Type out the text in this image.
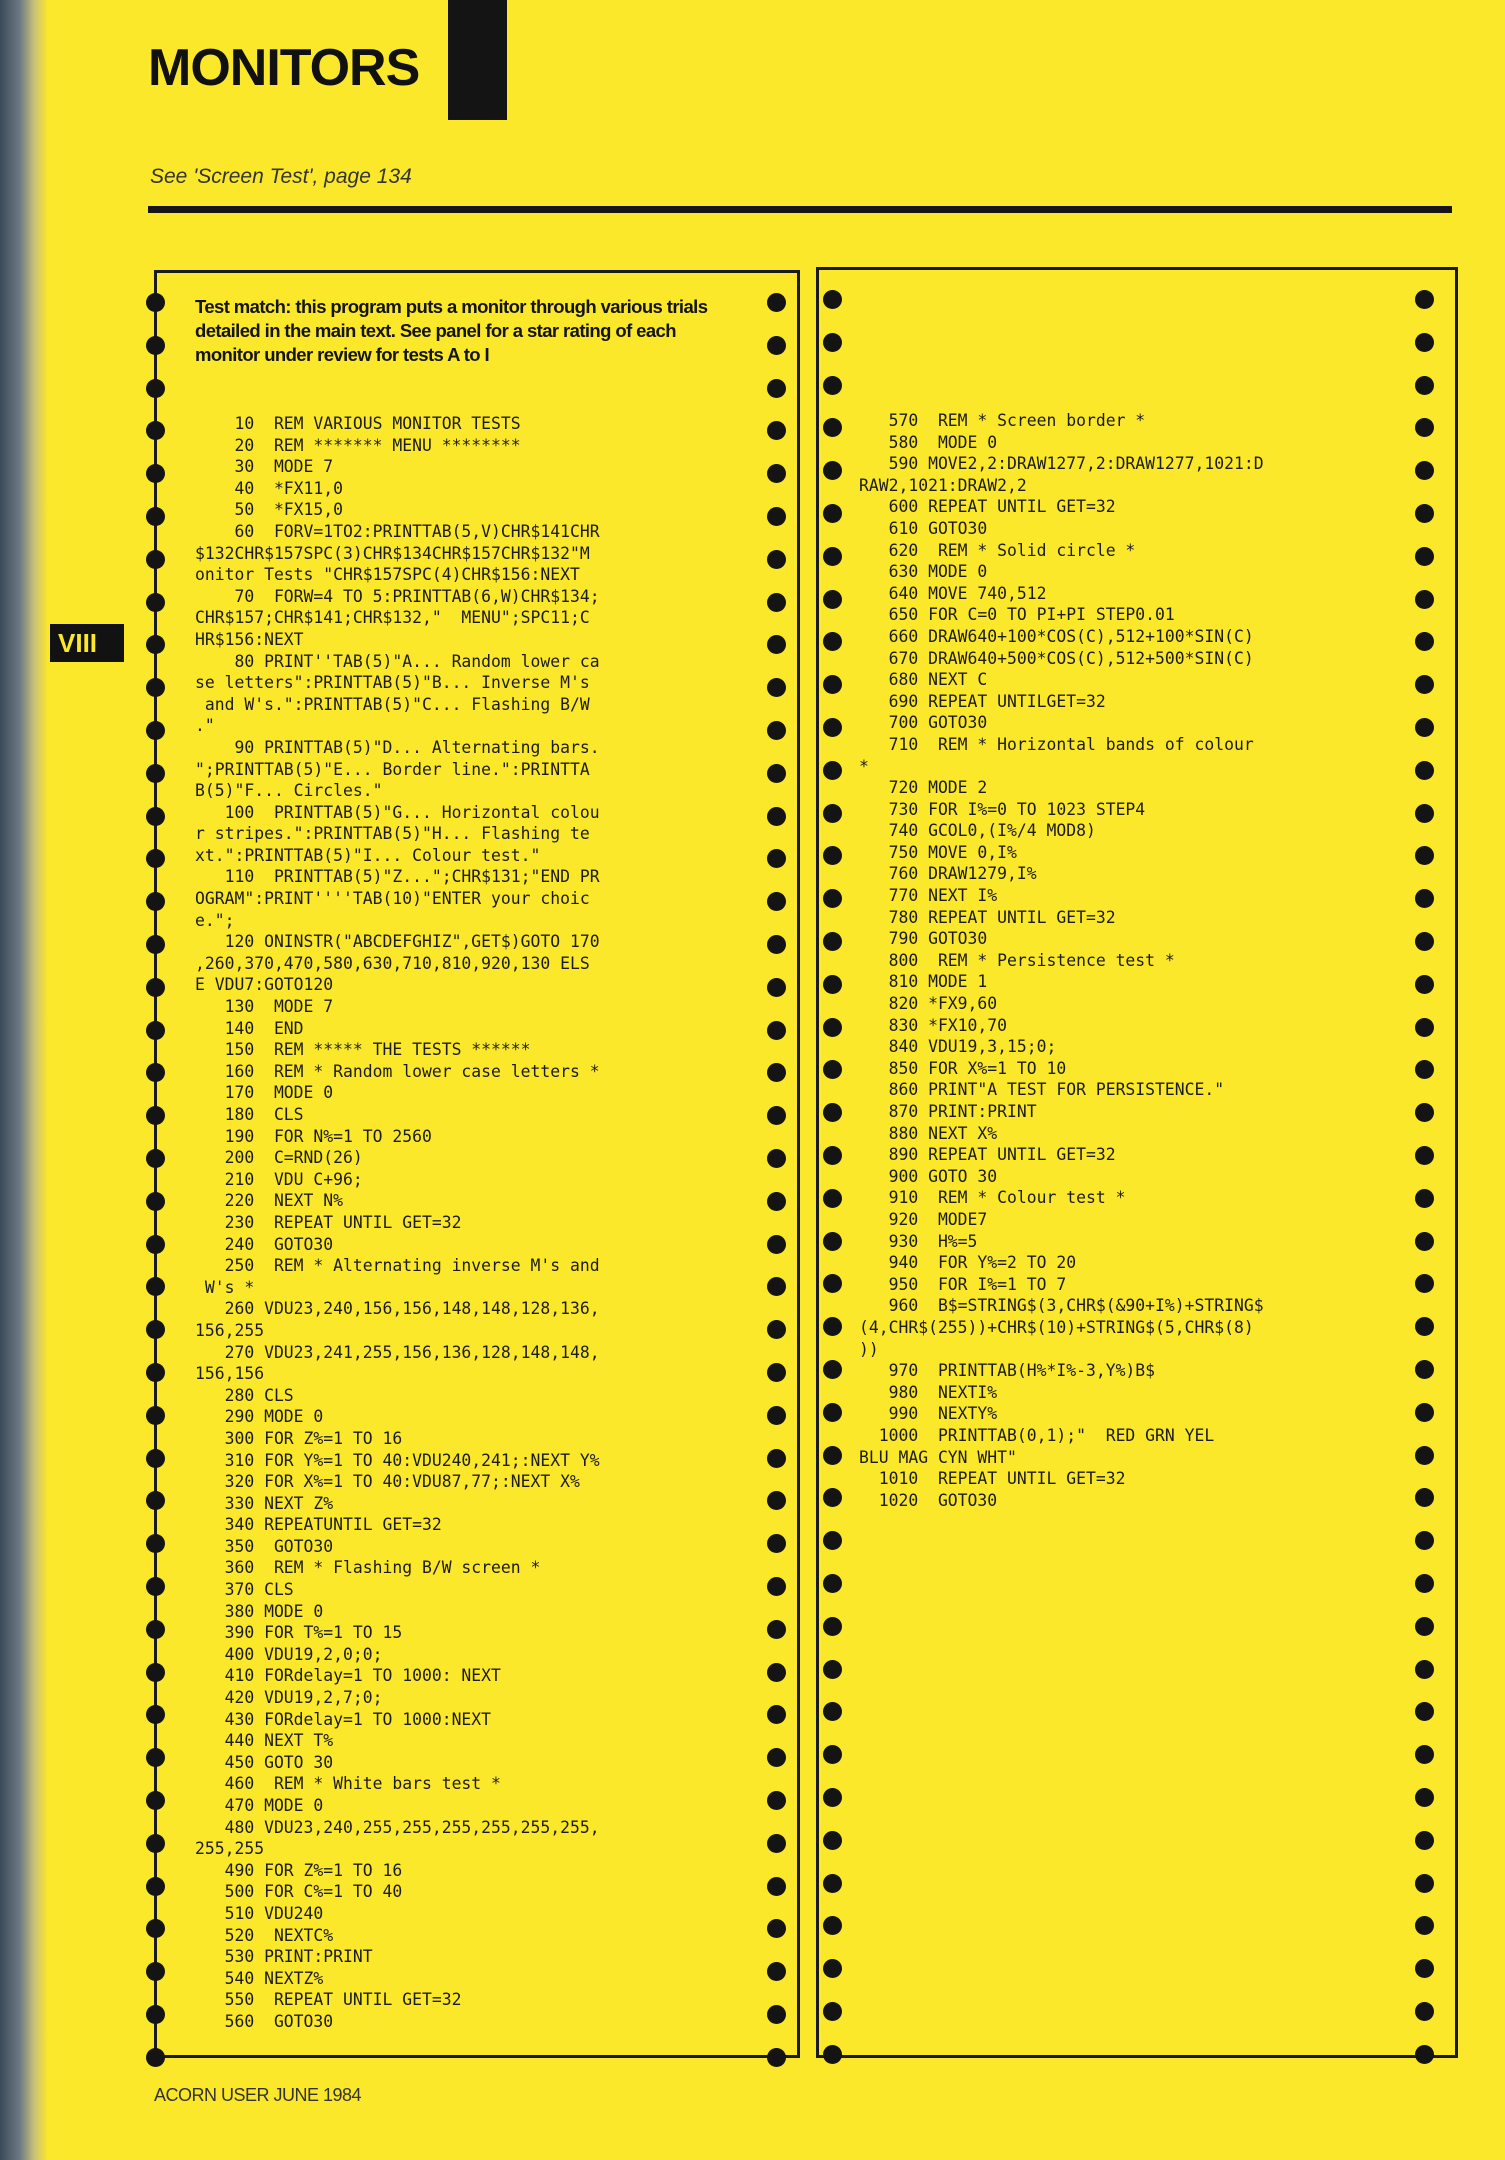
MONITORS
See 'Screen Test', page 134
VIII

Test match: this program puts a monitor through various trials detailed in the main text. See panel for a star rating of each monitor under review for tests A to I

10  REM VARIOUS MONITOR TESTS
20  REM ******* MENU ********
30  MODE 7
40  *FX11,0
50  *FX15,0
60  FORV=1TO2:PRINTTAB(5,V)CHR$141CHR
$132CHR$157SPC(3)CHR$134CHR$157CHR$132"M
onitor Tests "CHR$157SPC(4)CHR$156:NEXT
70  FORW=4 TO 5:PRINTTAB(6,W)CHR$134;
CHR$157;CHR$141;CHR$132,"  MENU";SPC11;C
HR$156:NEXT
80 PRINT''TAB(5)"A... Random lower ca
se letters":PRINTTAB(5)"B... Inverse M's
and W's.":PRINTTAB(5)"C... Flashing B/W
."
90 PRINTTAB(5)"D... Alternating bars.
";PRINTTAB(5)"E... Border line.":PRINTTA
B(5)"F... Circles."
100  PRINTTAB(5)"G... Horizontal colou
r stripes.":PRINTTAB(5)"H... Flashing te
xt.":PRINTTAB(5)"I... Colour test."
110  PRINTTAB(5)"Z...";CHR$131;"END PR
OGRAM":PRINT''''TAB(10)"ENTER your choic
e.";
120 ONINSTR("ABCDEFGHIZ",GET$)GOTO 170
,260,370,470,580,630,710,810,920,130 ELS
E VDU7:GOTO120
130  MODE 7
140  END
150  REM ***** THE TESTS ******
160  REM * Random lower case letters *
170  MODE 0
180  CLS
190  FOR N%=1 TO 2560
200  C=RND(26)
210  VDU C+96;
220  NEXT N%
230  REPEAT UNTIL GET=32
240  GOTO30
250  REM * Alternating inverse M's and
W's *
260 VDU23,240,156,156,148,148,128,136,
156,255
270 VDU23,241,255,156,136,128,148,148,
156,156
280 CLS
290 MODE 0
300 FOR Z%=1 TO 16
310 FOR Y%=1 TO 40:VDU240,241;:NEXT Y%
320 FOR X%=1 TO 40:VDU87,77;:NEXT X%
330 NEXT Z%
340 REPEATUNTIL GET=32
350  GOTO30
360  REM * Flashing B/W screen *
370 CLS
380 MODE 0
390 FOR T%=1 TO 15
400 VDU19,2,0;0;
410 FORdelay=1 TO 1000: NEXT
420 VDU19,2,7;0;
430 FORdelay=1 TO 1000:NEXT
440 NEXT T%
450 GOTO 30
460  REM * White bars test *
470 MODE 0
480 VDU23,240,255,255,255,255,255,255,
255,255
490 FOR Z%=1 TO 16
500 FOR C%=1 TO 40
510 VDU240
520  NEXTC%
530 PRINT:PRINT
540 NEXTZ%
550  REPEAT UNTIL GET=32
560  GOTO30

570  REM * Screen border *
580  MODE 0
590 MOVE2,2:DRAW1277,2:DRAW1277,1021:D
RAW2,1021:DRAW2,2
600 REPEAT UNTIL GET=32
610 GOTO30
620  REM * Solid circle *
630 MODE 0
640 MOVE 740,512
650 FOR C=0 TO PI+PI STEP0.01
660 DRAW640+100*COS(C),512+100*SIN(C)
670 DRAW640+500*COS(C),512+500*SIN(C)
680 NEXT C
690 REPEAT UNTILGET=32
700 GOTO30
710  REM * Horizontal bands of colour
*
720 MODE 2
730 FOR I%=0 TO 1023 STEP4
740 GCOL0,(I%/4 MOD8)
750 MOVE 0,I%
760 DRAW1279,I%
770 NEXT I%
780 REPEAT UNTIL GET=32
790 GOTO30
800  REM * Persistence test *
810 MODE 1
820 *FX9,60
830 *FX10,70
840 VDU19,3,15;0;
850 FOR X%=1 TO 10
860 PRINT"A TEST FOR PERSISTENCE."
870 PRINT:PRINT
880 NEXT X%
890 REPEAT UNTIL GET=32
900 GOTO 30
910  REM * Colour test *
920  MODE7
930  H%=5
940  FOR Y%=2 TO 20
950  FOR I%=1 TO 7
960  B$=STRING$(3,CHR$(&90+I%)+STRING$
(4,CHR$(255))+CHR$(10)+STRING$(5,CHR$(8)
))
970  PRINTTAB(H%*I%-3,Y%)B$
980  NEXTI%
990  NEXTY%
1000  PRINTTAB(0,1);"  RED GRN YEL
BLU MAG CYN WHT"
1010  REPEAT UNTIL GET=32
1020  GOTO30

ACORN USER JUNE 1984
